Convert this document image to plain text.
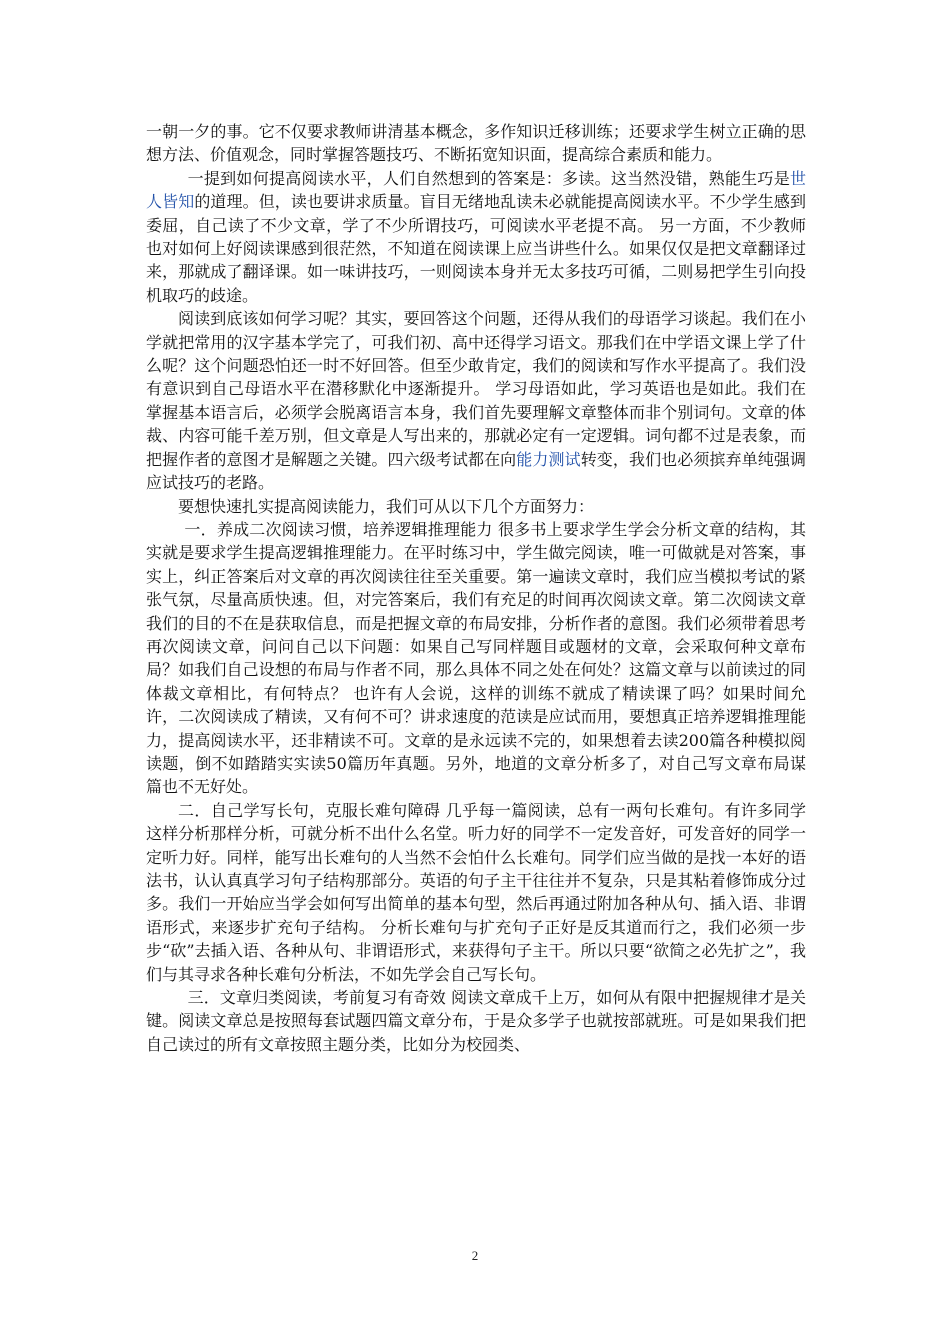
一朝一夕的事。它不仅要求教师讲清基本概念，多作知识迁移训练；还要求学生树立正确的思想方法、价值观念，同时掌握答题技巧、不断拓宽知识面，提高综合素质和能力。

一提到如何提高阅读水平，人们自然想到的答案是：多读。这当然没错，熟能生巧是世人皆知的道理。但，读也要讲求质量。盲目无绪地乱读未必就能提高阅读水平。不少学生感到委屈，自己读了不少文章，学了不少所谓技巧，可阅读水平老提不高。 另一方面，不少教师也对如何上好阅读课感到很茫然，不知道在阅读课上应当讲些什么。如果仅仅是把文章翻译过来，那就成了翻译课。如一味讲技巧，一则阅读本身并无太多技巧可循，二则易把学生引向投机取巧的歧途。

阅读到底该如何学习呢？其实，要回答这个问题，还得从我们的母语学习谈起。我们在小学就把常用的汉字基本学完了，可我们初、高中还得学习语文。那我们在中学语文课上学了什么呢？这个问题恐怕还一时不好回答。但至少敢肯定，我们的阅读和写作水平提高了。我们没有意识到自己母语水平在潜移默化中逐渐提升。 学习母语如此，学习英语也是如此。我们在掌握基本语言后，必须学会脱离语言本身，我们首先要理解文章整体而非个别词句。文章的体裁、内容可能千差万别，但文章是人写出来的，那就必定有一定逻辑。词句都不过是表象，而把握作者的意图才是解题之关键。四六级考试都在向能力测试转变，我们也必须摈弃单纯强调应试技巧的老路。

要想快速扎实提高阅读能力，我们可从以下几个方面努力：

一．养成二次阅读习惯，培养逻辑推理能力 很多书上要求学生学会分析文章的结构，其实就是要求学生提高逻辑推理能力。在平时练习中，学生做完阅读，唯一可做就是对答案，事实上，纠正答案后对文章的再次阅读往往至关重要。第一遍读文章时，我们应当模拟考试的紧张气氛，尽量高质快速。但，对完答案后，我们有充足的时间再次阅读文章。第二次阅读文章我们的目的不在是获取信息，而是把握文章的布局安排，分析作者的意图。我们必须带着思考再次阅读文章，问问自己以下问题：如果自己写同样题目或题材的文章，会采取何种文章布局？如我们自己设想的布局与作者不同，那么具体不同之处在何处？这篇文章与以前读过的同体裁文章相比，有何特点？ 也许有人会说，这样的训练不就成了精读课了吗？如果时间允许，二次阅读成了精读，又有何不可？讲求速度的范读是应试而用，要想真正培养逻辑推理能力，提高阅读水平，还非精读不可。文章的是永远读不完的，如果想着去读200篇各种模拟阅读题，倒不如踏踏实实读50篇历年真题。另外，地道的文章分析多了，对自己写文章布局谋篇也不无好处。

二．自己学写长句，克服长难句障碍 几乎每一篇阅读，总有一两句长难句。有许多同学这样分析那样分析，可就分析不出什么名堂。听力好的同学不一定发音好，可发音好的同学一定听力好。同样，能写出长难句的人当然不会怕什么长难句。同学们应当做的是找一本好的语法书，认认真真学习句子结构那部分。英语的句子主干往往并不复杂，只是其粘着修饰成分过多。我们一开始应当学会如何写出简单的基本句型，然后再通过附加各种从句、插入语、非谓语形式，来逐步扩充句子结构。 分析长难句与扩充句子正好是反其道而行之，我们必须一步步“砍”去插入语、各种从句、非谓语形式，来获得句子主干。所以只要“欲简之必先扩之”，我们与其寻求各种长难句分析法，不如先学会自己写长句。

三．文章归类阅读，考前复习有奇效 阅读文章成千上万，如何从有限中把握规律才是关键。阅读文章总是按照每套试题四篇文章分布，于是众多学子也就按部就班。可是如果我们把自己读过的所有文章按照主题分类，比如分为校园类、

2
